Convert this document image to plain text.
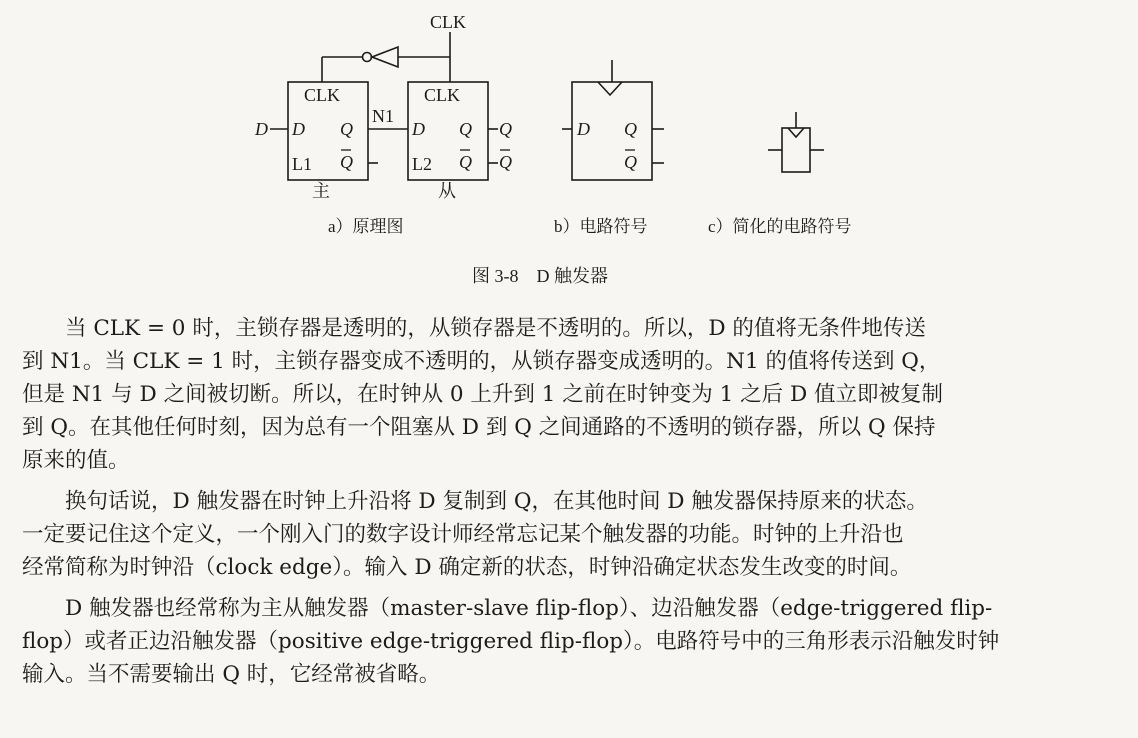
CLK
CLK	CLK
D D Q
Q
N1
D Q
Q
Q
Q
L1	L2
主	从
D Q
Q
a）原理图	b）电路符号	c）简化的电路符号
图 3-8　D 触发器

当 CLK = 0 时，主锁存器是透明的，从锁存器是不透明的。所以，D 的值将无条件地传送
到 N1。当 CLK = 1 时，主锁存器变成不透明的，从锁存器变成透明的。N1 的值将传送到 Q，
但是 N1 与 D 之间被切断。所以，在时钟从 0 上升到 1 之前在时钟变为 1 之后 D 值立即被复制
到 Q。在其他任何时刻，因为总有一个阻塞从 D 到 Q 之间通路的不透明的锁存器，所以 Q 保持
原来的值。

换句话说，D 触发器在时钟上升沿将 D 复制到 Q，在其他时间 D 触发器保持原来的状态。
一定要记住这个定义，一个刚入门的数字设计师经常忘记某个触发器的功能。时钟的上升沿也
经常简称为时钟沿（clock edge）。输入 D 确定新的状态，时钟沿确定状态发生改变的时间。

D 触发器也经常称为主从触发器（master-slave flip-flop）、边沿触发器（edge-triggered flip-
flop）或者正边沿触发器（positive edge-triggered flip-flop）。电路符号中的三角形表示沿触发时钟
输入。当不需要输出 Q 时，它经常被省略。
